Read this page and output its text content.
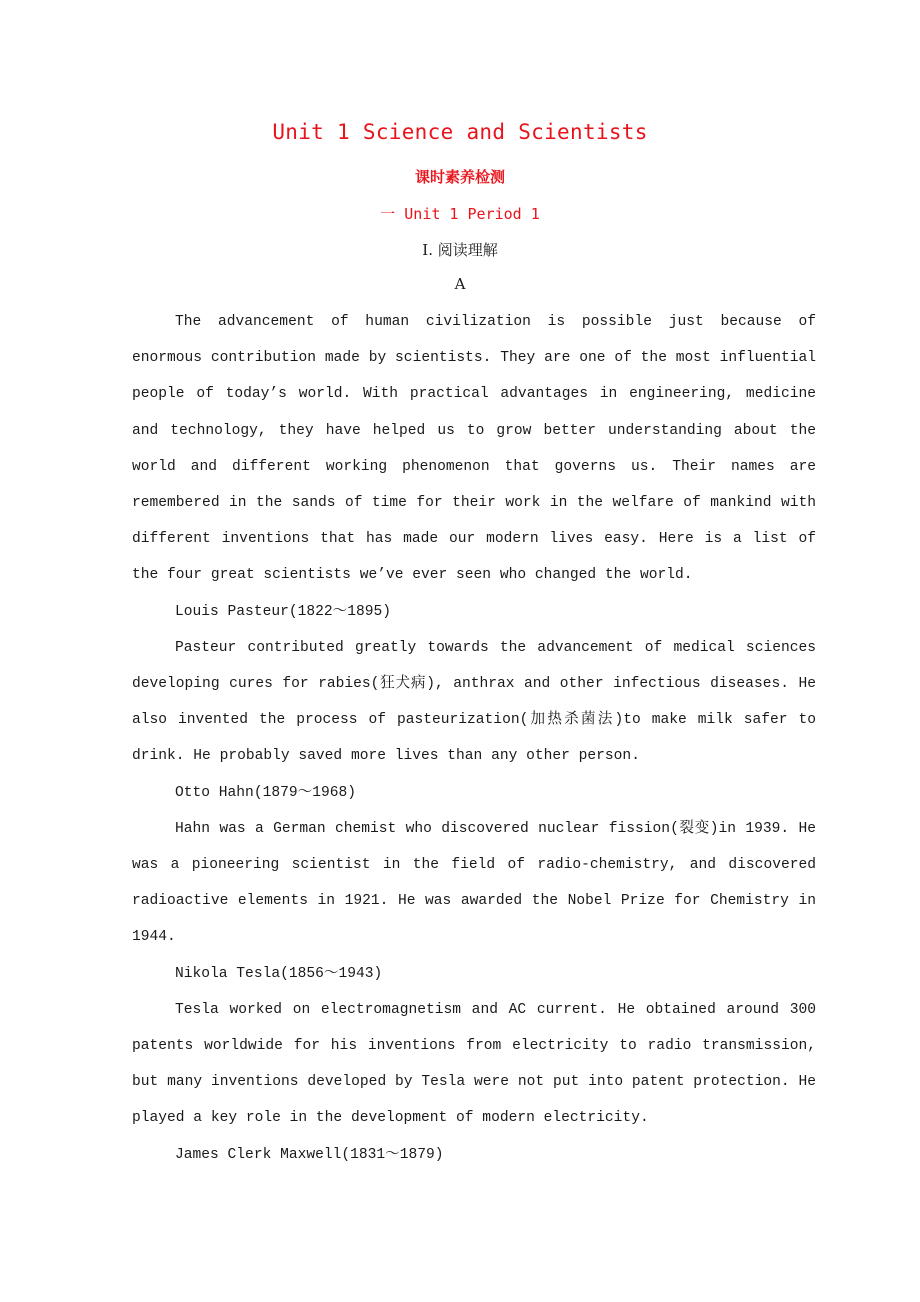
Unit 1 Science and Scientists
课时素养检测
一 Unit 1 Period 1
Ⅰ. 阅读理解
A

The advancement of human civilization is possible just because of enormous contribution made by scientists. They are one of the most influential people of today’s world. With practical advantages in engineering, medicine and technology, they have helped us to grow better understanding about the world and different working phenomenon that governs us. Their names are remembered in the sands of time for their work in the welfare of mankind with different inventions that has made our modern lives easy. Here is a list of the four great scientists we’ve ever seen who changed the world.

Louis Pasteur(1822～1895)

Pasteur contributed greatly towards the advancement of medical sciences developing cures for rabies(狂犬病), anthrax and other infectious diseases. He also invented the process of pasteurization(加热杀菌法)to make milk safer to drink. He probably saved more lives than any other person.

Otto Hahn(1879～1968)

Hahn was a German chemist who discovered nuclear fission(裂变)in 1939. He was a pioneering scientist in the field of radio-chemistry, and discovered radioactive elements in 1921. He was awarded the Nobel Prize for Chemistry in 1944.

Nikola Tesla(1856～1943)

Tesla worked on electromagnetism and AC current. He obtained around 300 patents worldwide for his inventions from electricity to radio transmission, but many inventions developed by Tesla were not put into patent protection. He played a key role in the development of modern electricity.

James Clerk Maxwell(1831～1879)
